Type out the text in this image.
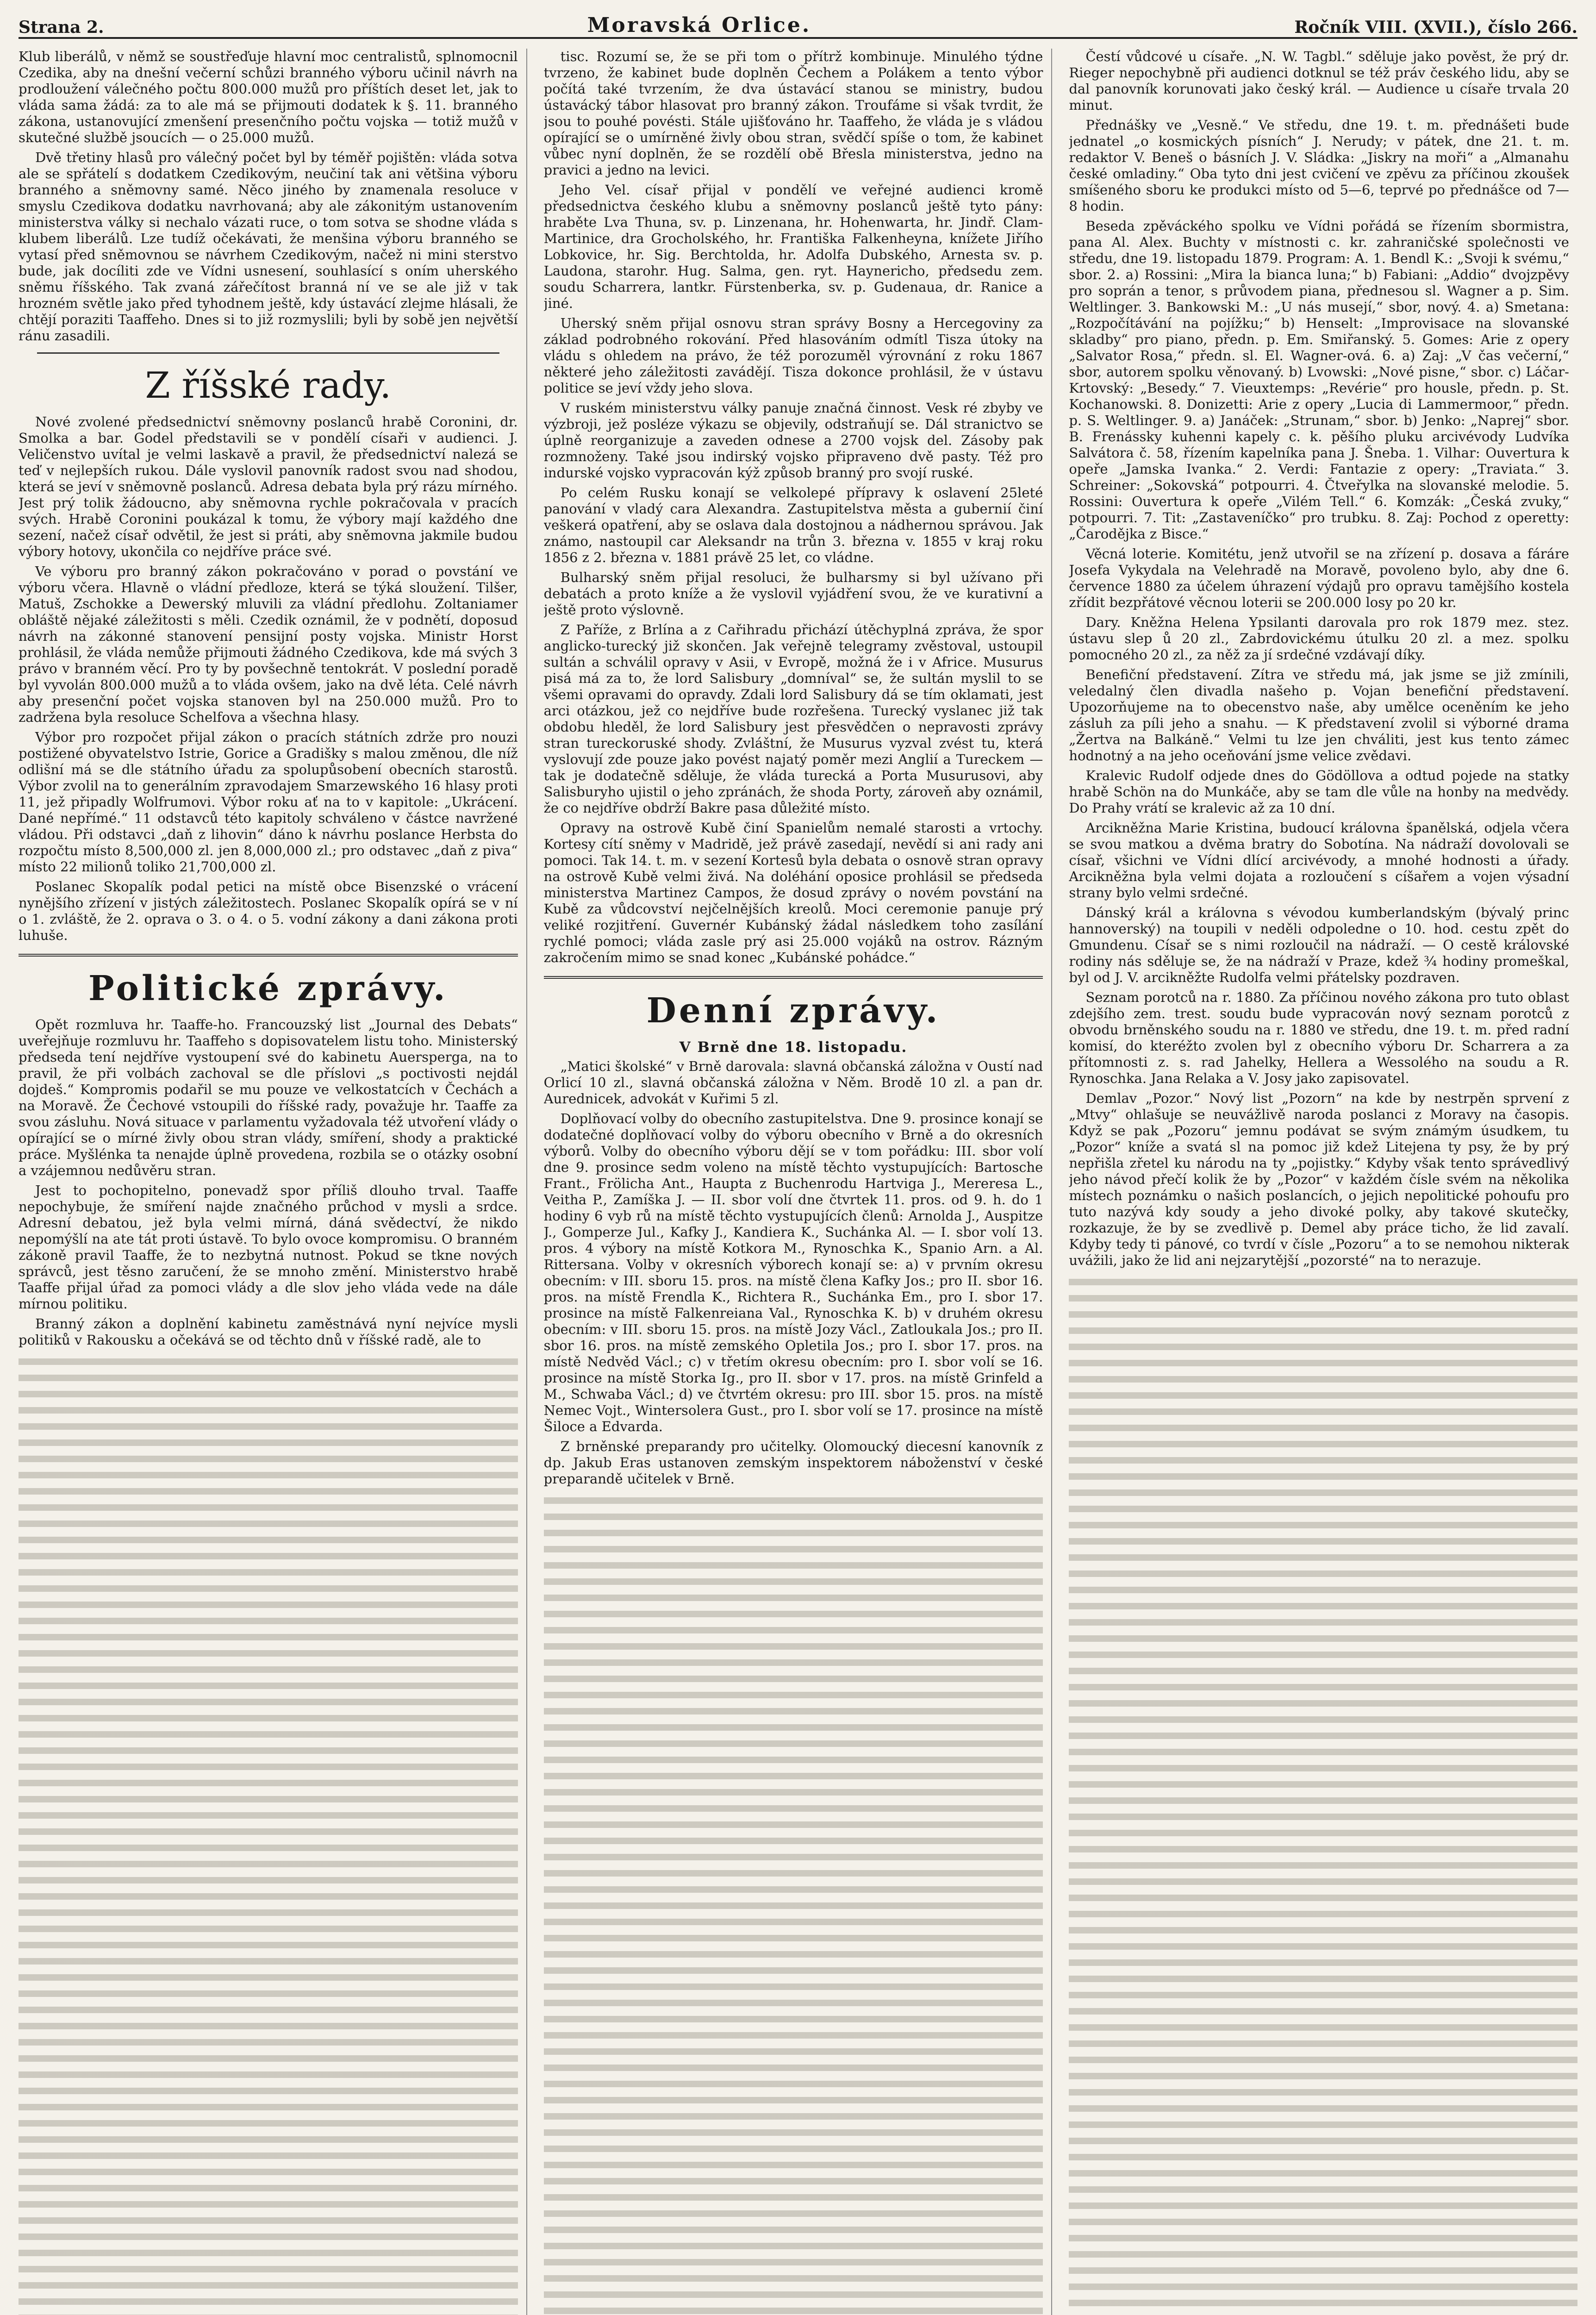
Strana 2.	Moravská Orlice.	Ročník VIII. (XVII.), číslo 266.

Klub liberálů, v němž se soustřeďuje hlavní moc centralistů, splnomocnil Czedika, aby na dnešní večerní schůzi branného výboru učinil návrh na prodloužení válečného počtu 800.000 mužů pro příštích deset let, jak to vláda sama žádá: za to ale má se přijmouti dodatek k §. 11. branného zákona, ustanovující zmenšení presenčního počtu vojska — totiž mužů v skutečné službě jsoucích — o 25.000 mužů.

Dvě třetiny hlasů pro válečný počet byl by téměř pojištěn: vláda sotva ale se spřátelí s dodatkem Czedikovým, neučiní tak ani většina výboru branného a sněmovny samé. Něco jiného by znamenala resoluce v smyslu Czedikova dodatku navrhovaná; aby ale zákonitým ustanovením ministerstva války si nechalo vázati ruce, o tom sotva se shodne vláda s klubem liberálů. Lze tudíž očekávati, že menšina výboru branného se vytasí před sněmovnou se návrhem Czedikovým, načež ni mini sterstvo bude, jak docíliti zde ve Vídni usnesení, souhlasící s oním uherského sněmu říšského. Tak zvaná zářečítost branná ní ve se ale již v tak hrozném světle jako před tyhodnem ještě, kdy ústavácí zlejme hlásali, že chtějí poraziti Taaffeho. Dnes si to již rozmyslili; byli by sobě jen největší ránu zasadili.

Z říšské rady.

Nové zvolené předsednictví sněmovny poslanců hrabě Coronini, dr. Smolka a bar. Godel představili se v pondělí císaři v audienci. J. Veličenstvo uvítal je velmi laskavě a pravil, že předsednictví nalezá se teď v nejlepších rukou. Dále vyslovil panovník radost svou nad shodou, která se jeví v sněmovně poslanců. Adresa debata byla prý rázu mírného. Jest prý tolik žádoucno, aby sněmovna rychle pokračovala v pracích svých. Hrabě Coronini poukázal k tomu, že výbory mají každého dne sezení, načež císař odvětil, že jest si práti, aby sněmovna jakmile budou výbory hotovy, ukončila co nejdříve práce své.

Ve výboru pro branný zákon pokračováno v porad o povstání ve výboru včera. Hlavně o vládní předloze, která se týká sloužení. Tilšer, Matuš, Zschokke a Dewerský mluvili za vládní předlohu. Zoltaniamer obláště nějaké záležitosti s měli. Czedik oznámil, že v podnětí, doposud návrh na zákonné stanovení pensijní posty vojska. Ministr Horst prohlásil, že vláda nemůže přijmouti žádného Czedikova, kde má svých 3 právo v branném věcí. Pro ty by povšechně tentokrát. V poslední poradě byl vyvolán 800.000 mužů a to vláda ovšem, jako na dvě léta. Celé návrh aby presenční počet vojska stanoven byl na 250.000 mužů. Pro to zadržena byla resoluce Schelfova a všechna hlasy.

Výbor pro rozpočet přijal zákon o pracích státních zdrže pro nouzi postižené obyvatelstvo Istrie, Gorice a Gradišky s malou změnou, dle níž odlišní má se dle státního úřadu za spolupůsobení obecních starostů. Výbor zvolil na to generálním zpravodajem Smarzewského 16 hlasy proti 11, jež připadly Wolfrumovi. Výbor roku ať na to v kapitole: „Ukrácení. Dané nepřímé.“ 11 odstavců této kapitoly schváleno v částce navržené vládou. Při odstavci „daň z lihovin“ dáno k návrhu poslance Herbsta do rozpočtu místo 8,500,000 zl. jen 8,000,000 zl.; pro odstavec „daň z piva“ místo 22 milionů toliko 21,700,000 zl.

Poslanec Skopalík podal petici na místě obce Bisenzské o vrácení nynějšího zřízení v jistých záležitostech. Poslanec Skopalík opírá se v ní o 1. zvláště, že 2. oprava o 3. o 4. o 5. vodní zákony a dani zákona proti luhuše.

Politické zprávy.

Opět rozmluva hr. Taaffe-ho. Francouzský list „Journal des Debats“ uveřejňuje rozmluvu hr. Taaffeho s dopisovatelem listu toho. Ministerský předseda tení nejdříve vystoupení své do kabinetu Auersperga, na to pravil, že při volbách zachoval se dle příslovi „s poctivosti nejdál dojdeš.“ Kompromis podařil se mu pouze ve velkostatcích v Čechách a na Moravě. Že Čechové vstoupili do říšské rady, považuje hr. Taaffe za svou zásluhu. Nová situace v parlamentu vyžadovala též utvoření vlády o opírající se o mírné živly obou stran vlády, smíření, shody a praktické práce. Myšlénka ta nenajde úplně provedena, rozbila se o otázky osobní a vzájemnou nedůvěru stran.

Jest to pochopitelno, ponevadž spor příliš dlouho trval. Taaffe nepochybuje, že smíření najde značného průchod v mysli a srdce. Adresní debatou, jež byla velmi mírná, dáná svědectví, že nikdo nepomýšlí na ate tát proti ústavě. To bylo ovoce kompromisu. O branném zákoně pravil Taaffe, že to nezbytná nutnost. Pokud se tkne nových správců, jest těsno zaručení, že se mnoho změní. Ministerstvo hrabě Taaffe přijal úřad za pomoci vlády a dle slov jeho vláda vede na dále mírnou politiku.

Branný zákon a doplnění kabinetu zaměstnává nyní nejvíce mysli politiků v Rakousku a očekává se od těchto dnů v říšské radě, ale to

tisc. Rozumí se, že se při tom o přítrž kombinuje. Minulého týdne tvrzeno, že kabinet bude doplněn Čechem a Polákem a tento výbor počítá také tvrzením, že dva ústavácí stanou se ministry, budou ústavácký tábor hlasovat pro branný zákon. Troufáme si však tvrdit, že jsou to pouhé povésti. Stále ujišťováno hr. Taaffeho, že vláda je s vládou opírající se o umírněné živly obou stran, svědčí spíše o tom, že kabinet vůbec nyní doplněn, že se rozdělí obě Břesla ministerstva, jedno na pravici a jedno na levici.

Jeho Vel. císař přijal v pondělí ve veřejné audienci kromě předsednictva českého klubu a sněmovny poslanců ještě tyto pány: hraběte Lva Thuna, sv. p. Linzenana, hr. Hohenwarta, hr. Jindř. Clam-Martinice, dra Grocholského, hr. Františka Falkenheyna, knížete Jiřího Lobkovice, hr. Sig. Berchtolda, hr. Adolfa Dubského, Arnesta sv. p. Laudona, starohr. Hug. Salma, gen. ryt. Haynericho, předsedu zem. soudu Scharrera, lantkr. Fürstenberka, sv. p. Gudenaua, dr. Ranice a jiné.

Uherský sněm přijal osnovu stran správy Bosny a Hercegoviny za základ podrobného rokování. Před hlasováním odmítl Tisza útoky na vládu s ohledem na právo, že též porozuměl výrovnání z roku 1867 některé jeho záležitosti zavádějí. Tisza dokonce prohlásil, že v ústavu politice se jeví vždy jeho slova.

V ruském ministerstvu války panuje značná činnost. Vesk ré zbyby ve výzbroji, jež posléze výkazu se objevily, odstraňují se. Dál stranictvo se úplně reorganizuje a zaveden odnese a 2700 vojsk del. Zásoby pak rozmnoženy. Také jsou indirský vojsko připraveno dvě pasty. Též pro indurské vojsko vypracován kýž způsob branný pro svojí ruské.

Po celém Rusku konají se velkolepé přípravy k oslavení 25leté panování v vladý cara Alexandra. Zastupitelstva města a gubernií činí veškerá opatření, aby se oslava dala dostojnou a nádhernou správou. Jak známo, nastoupil car Aleksandr na trůn 3. března v. 1855 v kraj roku 1856 z 2. března v. 1881 právě 25 let, co vládne.

Bulharský sněm přijal resoluci, že bulharsmy si byl užívano při debatách a proto kníže a že vyslovil vyjádření svou, že ve kurativní a ještě proto výslovně.

Z Paříže, z Brlína a z Cařihradu přichází útěchyplná zpráva, že spor anglicko-turecký již skončen. Jak veřejně telegramy zvěstoval, ustoupil sultán a schválil opravy v Asii, v Evropě, možná že i v Africe. Musurus pisá má za to, že lord Salisbury „domníval“ se, že sultán myslil to se všemi opravami do opravdy. Zdali lord Salisbury dá se tím oklamati, jest arci otázkou, jež co nejdříve bude rozřešena. Turecký vyslanec již tak obdobu hleděl, že lord Salisbury jest přesvědčen o nepravosti zprávy stran tureckoruské shody. Zvláštní, že Musurus vyzval zvést tu, která vyslovují zde pouze jako povést najatý poměr mezi Anglií a Tureckem — tak je dodatečně sděluje, že vláda turecká a Porta Musurusovi, aby Salisburyho ujistil o jeho zpránách, že shoda Porty, zároveň aby oznámil, že co nejdříve obdrží Bakre pasa důležité místo.

Opravy na ostrově Kubě činí Spanielům nemalé starosti a vrtochy. Kortesy cítí sněmy v Madridě, jež právě zasedají, nevědí si ani rady ani pomoci. Tak 14. t. m. v sezení Kortesů byla debata o osnově stran opravy na ostrově Kubě velmi živá. Na doléhání oposice prohlásil se předseda ministerstva Martinez Campos, že dosud zprávy o novém povstání na Kubě za vůdcovství nejčelnějších kreolů. Moci ceremonie panuje prý veliké rozjitření. Guvernér Kubánský žádal následkem toho zasílání rychlé pomoci; vláda zasle prý asi 25.000 vojáků na ostrov. Rázným zakročením mimo se snad konec „Kubánské pohádce.“

Denní zprávy.
V Brně dne 18. listopadu.

„Matici školské“ v Brně darovala: slavná občanská záložna v Oustí nad Orlicí 10 zl., slavná občanská záložna v Něm. Brodě 10 zl. a pan dr. Aurednicek, advokát v Kuřimi 5 zl.

Doplňovací volby do obecního zastupitelstva. Dne 9. prosince konají se dodatečné doplňovací volby do výboru obecního v Brně a do okresních výborů. Volby do obecního výboru dějí se v tom pořádku: III. sbor volí dne 9. prosince sedm voleno na místě těchto vystupujících: Bartosche Frant., Frölicha Ant., Haupta z Buchenrodu Hartviga J., Mereresa L., Veitha P., Zamíška J. — II. sbor volí dne čtvrtek 11. pros. od 9. h. do 1 hodiny 6 vyb rů na místě těchto vystupujících členů: Arnolda J., Auspitze J., Gomperze Jul., Kafky J., Kandiera K., Suchánka Al. — I. sbor volí 13. pros. 4 výbory na místě Kotkora M., Rynoschka K., Spanio Arn. a Al. Rittersana. Volby v okresních výborech konají se: a) v prvním okresu obecním: v III. sboru 15. pros. na místě člena Kafky Jos.; pro II. sbor 16. pros. na místě Frendla K., Richtera R., Suchánka Em., pro I. sbor 17. prosince na místě Falkenreiana Val., Rynoschka K. b) v druhém okresu obecním: v III. sboru 15. pros. na místě Jozy Václ., Zatloukala Jos.; pro II. sbor 16. pros. na místě zemského Opletila Jos.; pro I. sbor 17. pros. na místě Nedvěd Václ.; c) v třetím okresu obecním: pro I. sbor volí se 16. prosince na místě Storka Ig., pro II. sbor v 17. pros. na místě Grinfeld a M., Schwaba Václ.; d) ve čtvrtém okresu: pro III. sbor 15. pros. na místě Nemec Vojt., Wintersolera Gust., pro I. sbor volí se 17. prosince na místě Šiloce a Edvarda.

Z brněnské preparandy pro učitelky. Olomoucký diecesní kanovník z dp. Jakub Eras ustanoven zemským inspektorem náboženství v české preparandě učitelek v Brně.

Čestí vůdcové u císaře. „N. W. Tagbl.“ sděluje jako pověst, že prý dr. Rieger nepochybně při audienci dotknul se též práv českého lidu, aby se dal panovník korunovati jako český král. — Audience u císaře trvala 20 minut.

Přednášky ve „Vesně.“ Ve středu, dne 19. t. m. přednášeti bude jednatel „o kosmických písních“ J. Nerudy; v pátek, dne 21. t. m. redaktor V. Beneš o básních J. V. Sládka: „Jiskry na moři“ a „Almanahu české omladiny.“ Oba tyto dni jest cvičení ve zpěvu za příčinou zkoušek smíšeného sboru ke produkci místo od 5—6, teprvé po přednášce od 7—8 hodin.

Beseda zpěváckého spolku ve Vídni pořádá se řízením sbormistra, pana Al. Alex. Buchty v místnosti c. kr. zahraničské společnosti ve středu, dne 19. listopadu 1879. Program: A. 1. Bendl K.: „Svoji k svému,“ sbor. 2. a) Rossini: „Mira la bianca luna;“ b) Fabiani: „Addio“ dvojzpěvy pro soprán a tenor, s průvodem piana, přednesou sl. Wagner a p. Sim. Weltlinger. 3. Bankowski M.: „U nás musejí,“ sbor, nový. 4. a) Smetana: „Rozpočítávání na pojížku;“ b) Henselt: „Improvisace na slovanské skladby“ pro piano, předn. p. Em. Smiřanský. 5. Gomes: Arie z opery „Salvator Rosa,“ předn. sl. El. Wagner-ová. 6. a) Zaj: „V čas večerní,“ sbor, autorem spolku věnovaný. b) Lvowski: „Nové pisne,“ sbor. c) Láčar-Krtovský: „Besedy.“ 7. Vieuxtemps: „Revérie“ pro housle, předn. p. St. Kochanowski. 8. Donizetti: Arie z opery „Lucia di Lammermoor,“ předn. p. S. Weltlinger. 9. a) Janáček: „Strunam,“ sbor. b) Jenko: „Naprej“ sbor. B. Frenássky kuhenni kapely c. k. pěšího pluku arcivévody Ludvíka Salvátora č. 58, řízením kapelníka pana J. Šneba. 1. Vilhar: Ouvertura k opeře „Jamska Ivanka.“ 2. Verdi: Fantazie z opery: „Traviata.“ 3. Schreiner: „Sokovská“ potpourri. 4. Čtveřylka na slovanské melodie. 5. Rossini: Ouvertura k opeře „Vilém Tell.“ 6. Komzák: „Česká zvuky,“ potpourri. 7. Tit: „Zastaveníčko“ pro trubku. 8. Zaj: Pochod z operetty: „Čarodějka z Bisce.“

Věcná loterie. Komitétu, jenž utvořil se na zřízení p. dosava a fáráre Josefa Vykydala na Velehradě na Moravě, povoleno bylo, aby dne 6. července 1880 za účelem úhrazení výdajů pro opravu tamějšího kostela zřídit bezpřátové věcnou loterii se 200.000 losy po 20 kr.

Dary. Kněžna Helena Ypsilanti darovala pro rok 1879 mez. stez. ústavu slep ů 20 zl., Zabrdovickému útulku 20 zl. a mez. spolku pomocného 20 zl., za něž za jí srdečné vzdávají díky.

Benefiční představení. Zítra ve středu má, jak jsme se již zmínili, veledalný člen divadla našeho p. Vojan benefiční představení. Upozorňujeme na to obecenstvo naše, aby umělce oceněním ke jeho zásluh za píli jeho a snahu. — K představení zvolil si výborné drama „Žertva na Balkáně.“ Velmi tu lze jen chváliti, jest kus tento zámec hodnotný a na jeho oceňování jsme velice zvědavi.

Kralevic Rudolf odjede dnes do Gödöllova a odtud pojede na statky hrabě Schön na do Munkáče, aby se tam dle vůle na honby na medvědy. Do Prahy vrátí se kralevic až za 10 dní.

Arcikněžna Marie Kristina, budoucí královna španělská, odjela včera se svou matkou a dvěma bratry do Sobotína. Na nádraží dovolovali se císař, všichni ve Vídni dlící arcivévody, a mnohé hodnosti a úřady. Arcikněžna byla velmi dojata a rozloučení s cíšařem a vojen výsadní strany bylo velmi srdečné.

Dánský král a královna s vévodou kumberlandským (bývalý princ hannoverský) na toupili v neděli odpoledne o 10. hod. cestu zpět do Gmundenu. Císař se s nimi rozloučil na nádraží. — O cestě královské rodiny nás sděluje se, že na nádraží v Praze, kdež ¾ hodiny promeškal, byl od J. V. arcikněžte Rudolfa velmi přátelsky pozdraven.

Seznam porotců na r. 1880. Za příčinou nového zákona pro tuto oblast zdejšího zem. trest. soudu bude vypracován nový seznam porotců z obvodu brněnského soudu na r. 1880 ve středu, dne 19. t. m. před radní komisí, do kteréžto zvolen byl z obecního výboru Dr. Scharrera a za přítomnosti z. s. rad Jahelky, Hellera a Wessolého na soudu a R. Rynoschka. Jana Relaka a V. Josy jako zapisovatel.

Demlav „Pozor.“ Nový list „Pozorn“ na kde by nestrpěn sprvení z „Mtvy“ ohlašuje se neuvážlivě naroda poslanci z Moravy na časopis. Když se pak „Pozoru“ jemnu podávat se svým známým úsudkem, tu „Pozor“ kníže a svatá sl na pomoc již kdež Litejena ty psy, že by prý nepřišla zřetel ku národu na ty „pojistky.“ Kdyby však tento správedlivý jeho návod přečí kolik že by „Pozor“ v každém čísle svém na několika místech poznámku o našich poslancích, o jejich nepolitické pohoufu pro tuto nazývá kdy soudy a jeho divoké polky, aby takové skutečky, rozkazuje, že by se zvedlivě p. Demel aby práce ticho, že lid zavalí. Kdyby tedy ti pánové, co tvrdí v čísle „Pozoru“ a to se nemohou nikterak uvážili, jako že lid ani nejzarytější „pozorsté“ na to nerazuje.
